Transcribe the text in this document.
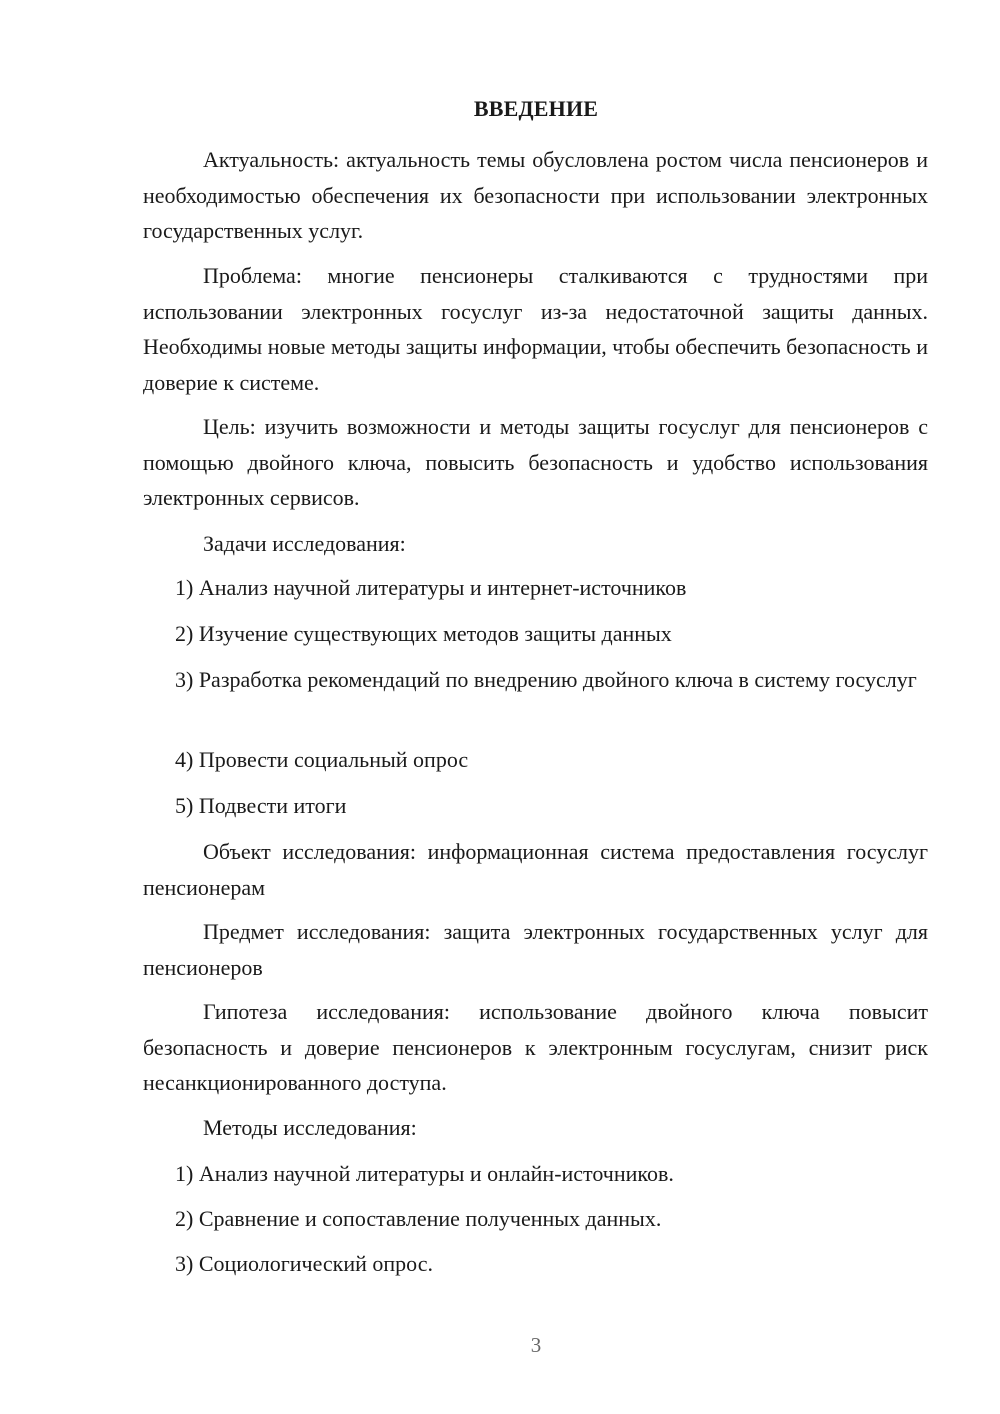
ВВЕДЕНИЕ

Актуальность: актуальность темы обусловлена ростом числа пенсионеров и необходимостью обеспечения их безопасности при использовании электронных государственных услуг.

Проблема: многие пенсионеры сталкиваются с трудностями при использовании электронных госуслуг из-за недостаточной защиты данных. Необходимы новые методы защиты информации, чтобы обеспечить безопасность и доверие к системе.

Цель: изучить возможности и методы защиты госуслуг для пенсионеров с помощью двойного ключа, повысить безопасность и удобство использования электронных сервисов.

Задачи исследования:

1) Анализ научной литературы и интернет-источников

2) Изучение существующих методов защиты данных

3) Разработка рекомендаций по внедрению двойного ключа в систему госуслуг

4) Провести социальный опрос

5) Подвести итоги

Объект исследования: информационная система предоставления госуслуг пенсионерам

Предмет исследования: защита электронных государственных услуг для пенсионеров

Гипотеза исследования: использование двойного ключа повысит безопасность и доверие пенсионеров к электронным госуслугам, снизит риск несанкционированного доступа.

Методы исследования:

1) Анализ научной литературы и онлайн-источников.

2) Сравнение и сопоставление полученных данных.

3) Социологический опрос.

3
